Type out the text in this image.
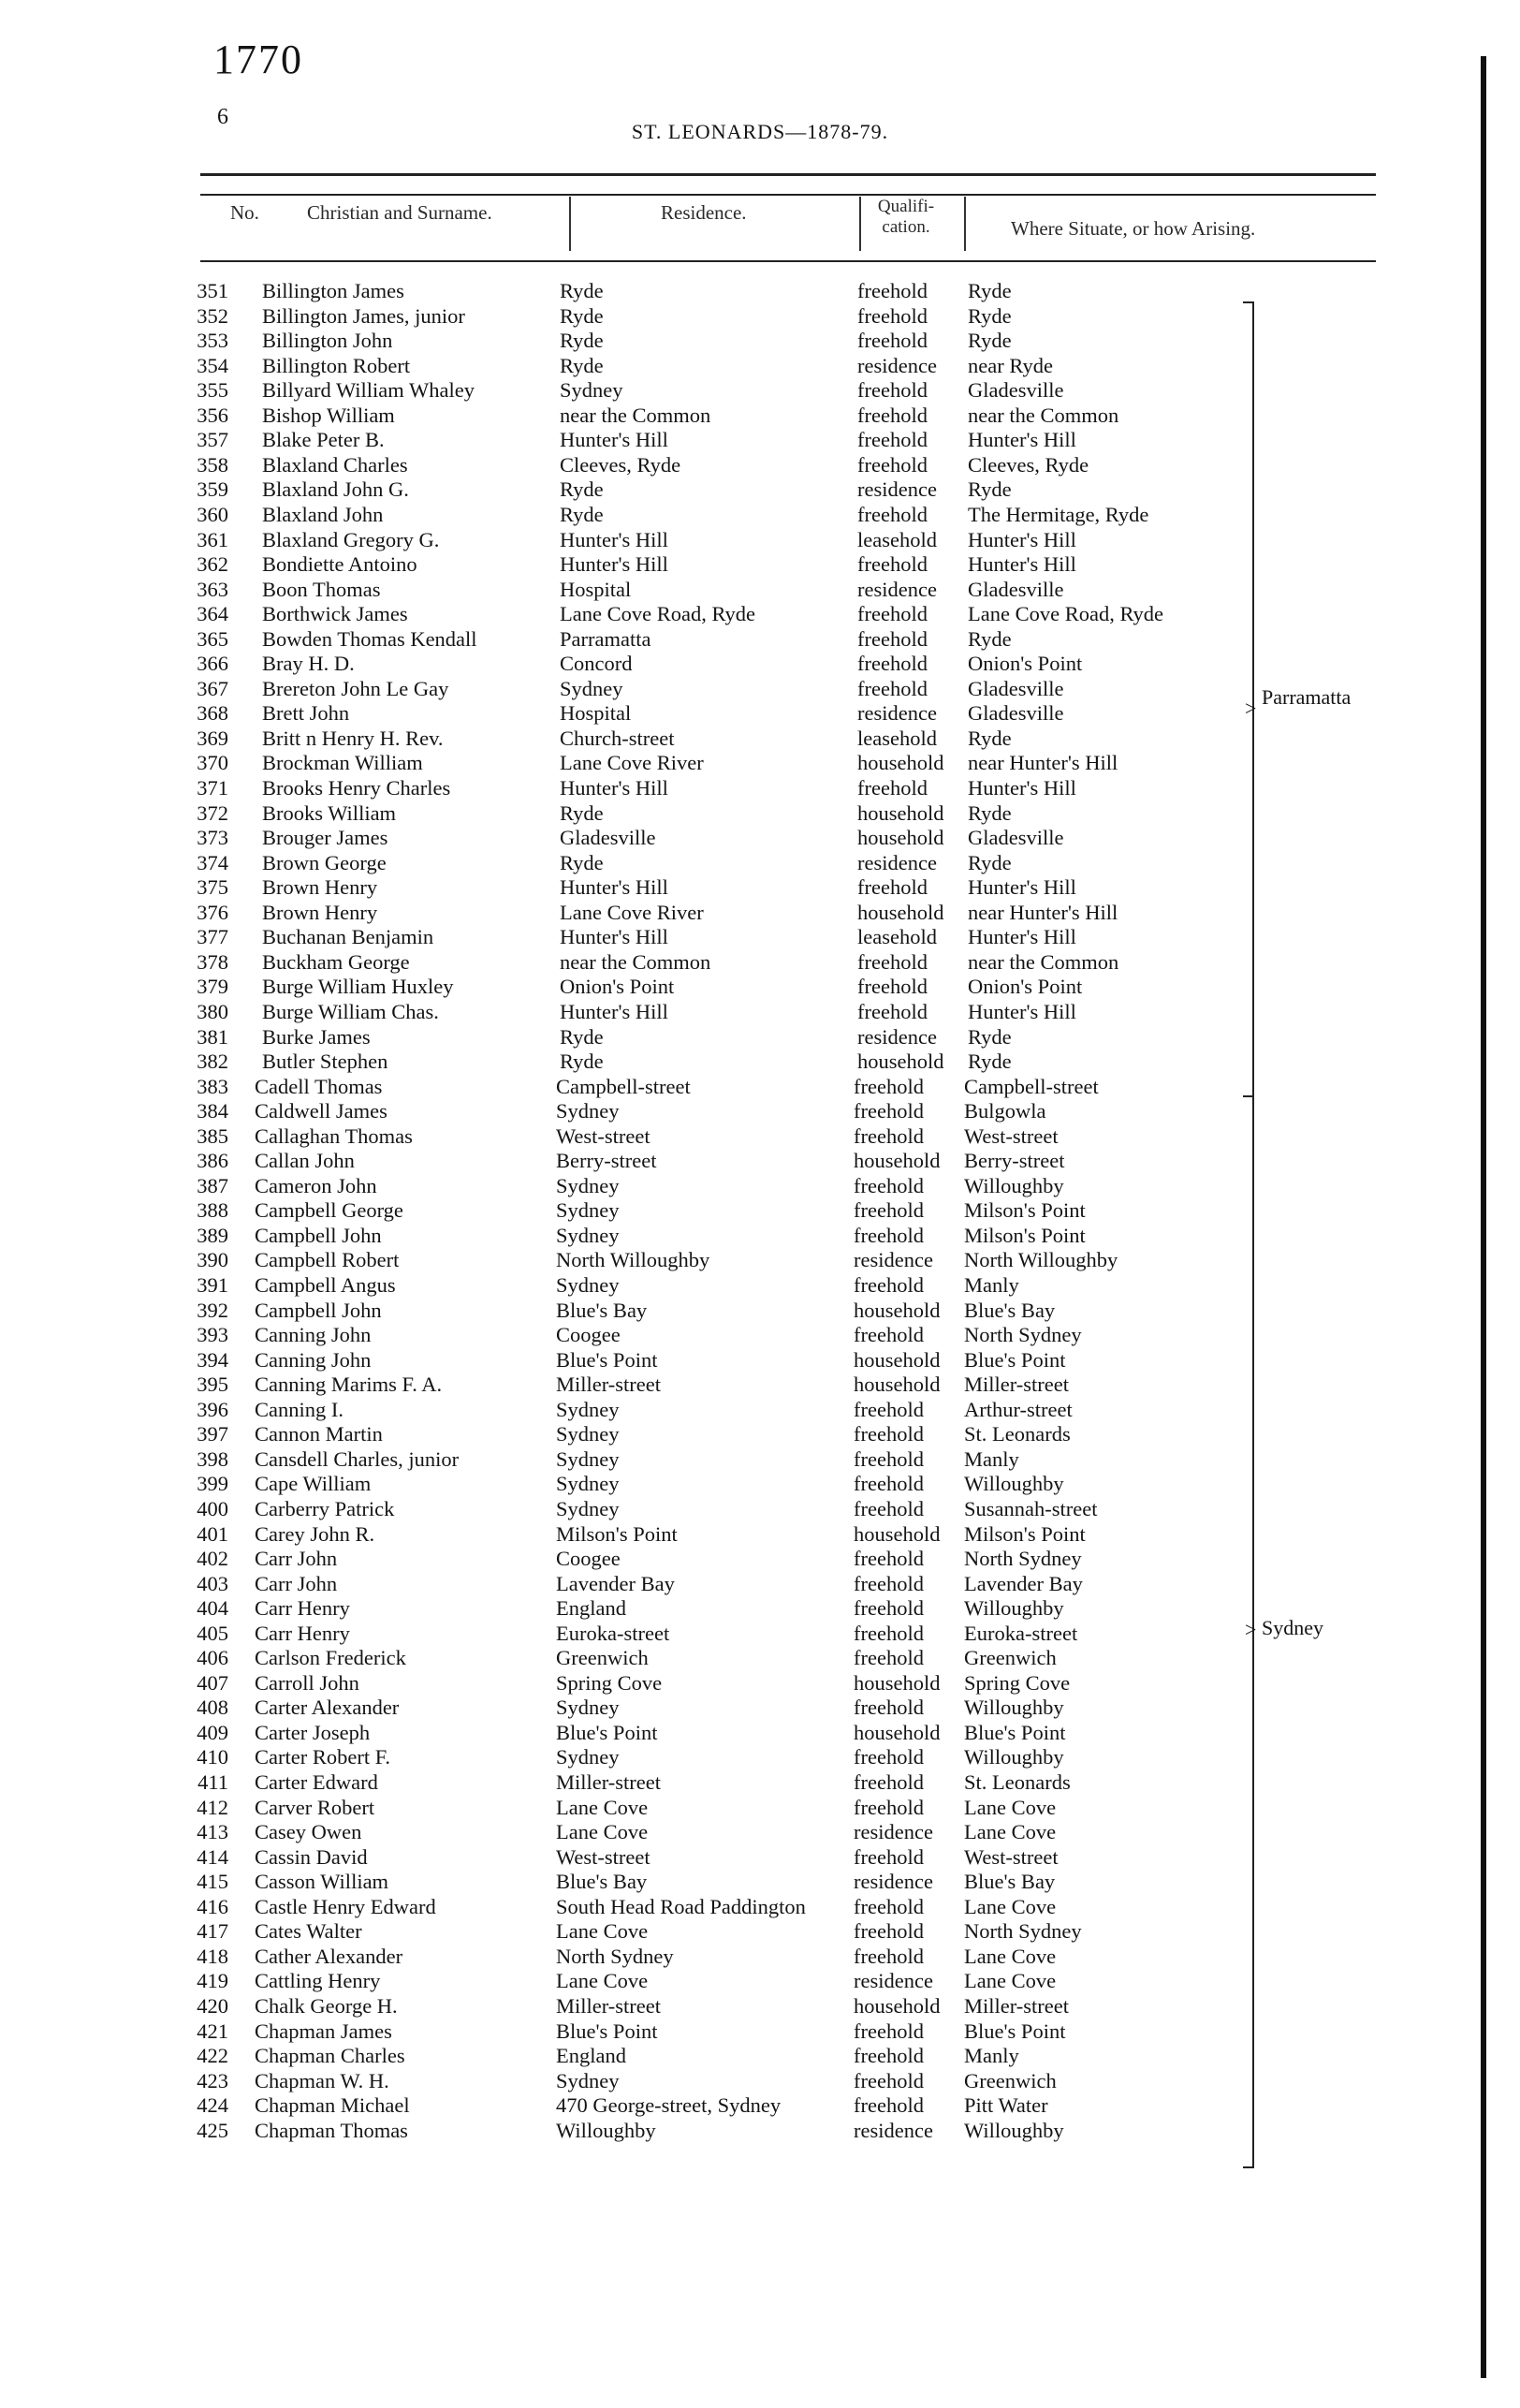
1770
6
ST. LEONARDS—1878-79.
No. Christian and Surname.	Residence.	Qualifi- cation.	Where Situate, or how Arising.
351 Billington James	Ryde	freehold Ryde
352 Billington James, junior	Ryde	freehold Ryde
353 Billington John	Ryde	freehold Ryde
354 Billington Robert	Ryde	residence near Ryde
355 Billyard William Whaley	Sydney	freehold Gladesville
356 Bishop William	near the Common	freehold near the Common
357 Blake Peter B.	Hunter's Hill	freehold Hunter's Hill
358 Blaxland Charles	Cleeves, Ryde	freehold Cleeves, Ryde
359 Blaxland John G.	Ryde	residence Ryde
360 Blaxland John	Ryde	freehold The Hermitage, Ryde
361 Blaxland Gregory G.	Hunter's Hill	leasehold Hunter's Hill
362 Bondiette Antoino	Hunter's Hill	freehold Hunter's Hill
363 Boon Thomas	Hospital	residence Gladesville
364 Borthwick James	Lane Cove Road, Ryde	freehold Lane Cove Road, Ryde
365 Bowden Thomas Kendall	Parramatta	freehold Ryde
366 Bray H. D.	Concord	freehold Onion's Point
367 Brereton John Le Gay	Sydney	freehold Gladesville
368 Brett John	Hospital	residence Gladesville
369 Britt n Henry H. Rev.	Church-street	leasehold Ryde
370 Brockman William	Lane Cove River	household near Hunter's Hill
371 Brooks Henry Charles	Hunter's Hill	freehold Hunter's Hill
372 Brooks William	Ryde	household Ryde
373 Brouger James	Gladesville	household Gladesville
374 Brown George	Ryde	residence Ryde
375 Brown Henry	Hunter's Hill	freehold Hunter's Hill
376 Brown Henry	Lane Cove River	household near Hunter's Hill
377 Buchanan Benjamin	Hunter's Hill	leasehold Hunter's Hill
378 Buckham George	near the Common	freehold near the Common
379 Burge William Huxley	Onion's Point	freehold Onion's Point
380 Burge William Chas.	Hunter's Hill	freehold Hunter's Hill
381 Burke James	Ryde	residence Ryde
382 Butler Stephen	Ryde	household Ryde
383 Cadell Thomas	Campbell-street	freehold Campbell-street
384 Caldwell James	Sydney	freehold Bulgowla
385 Callaghan Thomas	West-street	freehold West-street
386 Callan John	Berry-street	household Berry-street
387 Cameron John	Sydney	freehold Willoughby
388 Campbell George	Sydney	freehold Milson's Point
389 Campbell John	Sydney	freehold Milson's Point
390 Campbell Robert	North Willoughby	residence North Willoughby
391 Campbell Angus	Sydney	freehold Manly
392 Campbell John	Blue's Bay	household Blue's Bay
393 Canning John	Coogee	freehold North Sydney
394 Canning John	Blue's Point	household Blue's Point
395 Canning Marims F. A.	Miller-street	household Miller-street
396 Canning I.	Sydney	freehold Arthur-street
397 Cannon Martin	Sydney	freehold St. Leonards
398 Cansdell Charles, junior	Sydney	freehold Manly
399 Cape William	Sydney	freehold Willoughby
400 Carberry Patrick	Sydney	freehold Susannah-street
401 Carey John R.	Milson's Point	household Milson's Point
402 Carr John	Coogee	freehold North Sydney
403 Carr John	Lavender Bay	freehold Lavender Bay
404 Carr Henry	England	freehold Willoughby
405 Carr Henry	Euroka-street	freehold Euroka-street
406 Carlson Frederick	Greenwich	freehold Greenwich
407 Carroll John	Spring Cove	household Spring Cove
408 Carter Alexander	Sydney	freehold Willoughby
409 Carter Joseph	Blue's Point	household Blue's Point
410 Carter Robert F.	Sydney	freehold Willoughby
411 Carter Edward	Miller-street	freehold St. Leonards
412 Carver Robert	Lane Cove	freehold Lane Cove
413 Casey Owen	Lane Cove	residence Lane Cove
414 Cassin David	West-street	freehold West-street
415 Casson William	Blue's Bay	residence Blue's Bay
416 Castle Henry Edward	South Head Road Paddington freehold Lane Cove
417 Cates Walter	Lane Cove	freehold North Sydney
418 Cather Alexander	North Sydney	freehold Lane Cove
419 Cattling Henry	Lane Cove	residence Lane Cove
420 Chalk George H.	Miller-street	household Miller-street
421 Chapman James	Blue's Point	freehold Blue's Point
422 Chapman Charles	England	freehold Manly
423 Chapman W. H.	Sydney	freehold Greenwich
424 Chapman Michael	470 George-street, Sydney	freehold Pitt Water
425 Chapman Thomas	Willoughby	residence Willoughby
> Parramatta
> Sydney
